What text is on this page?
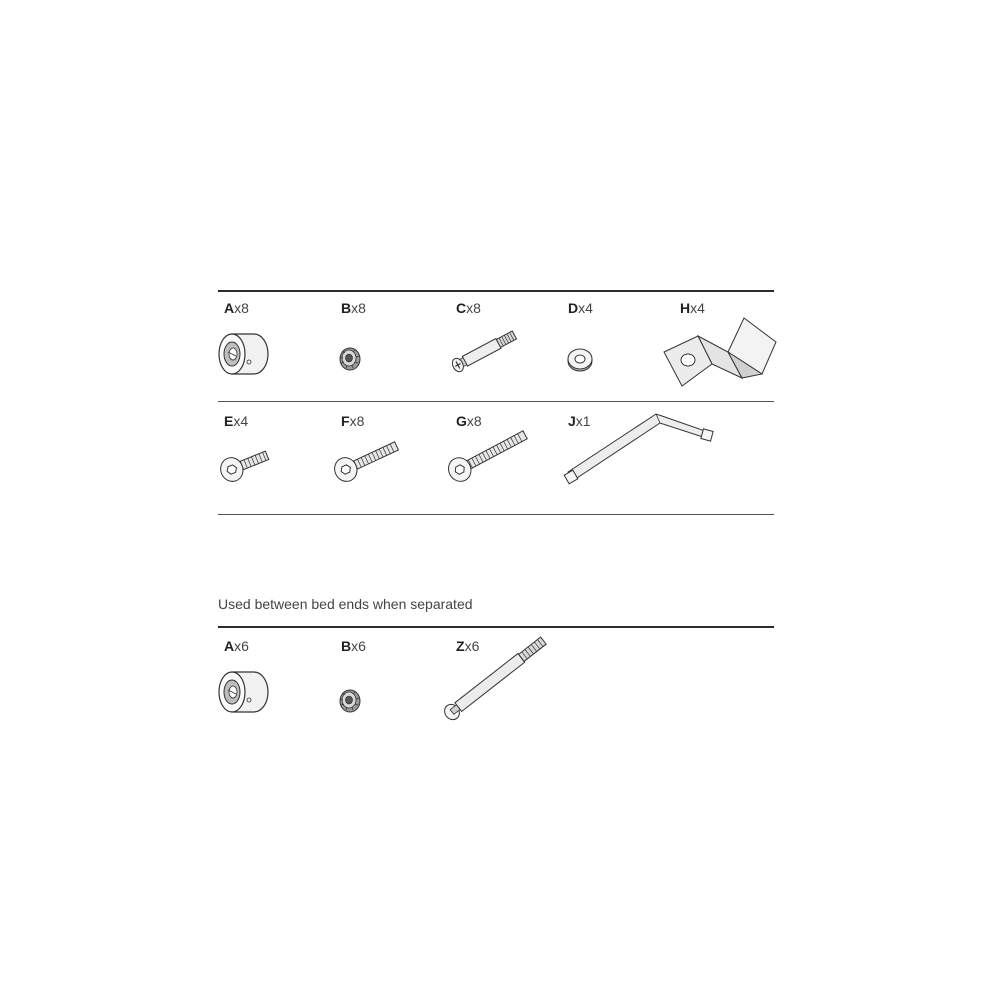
Ax8	Bx8	Cx8	Dx4	Hx4
Ex4	Fx8	Gx8	Jx1
Used between bed ends when separated
Ax6	Bx6	Zx6
